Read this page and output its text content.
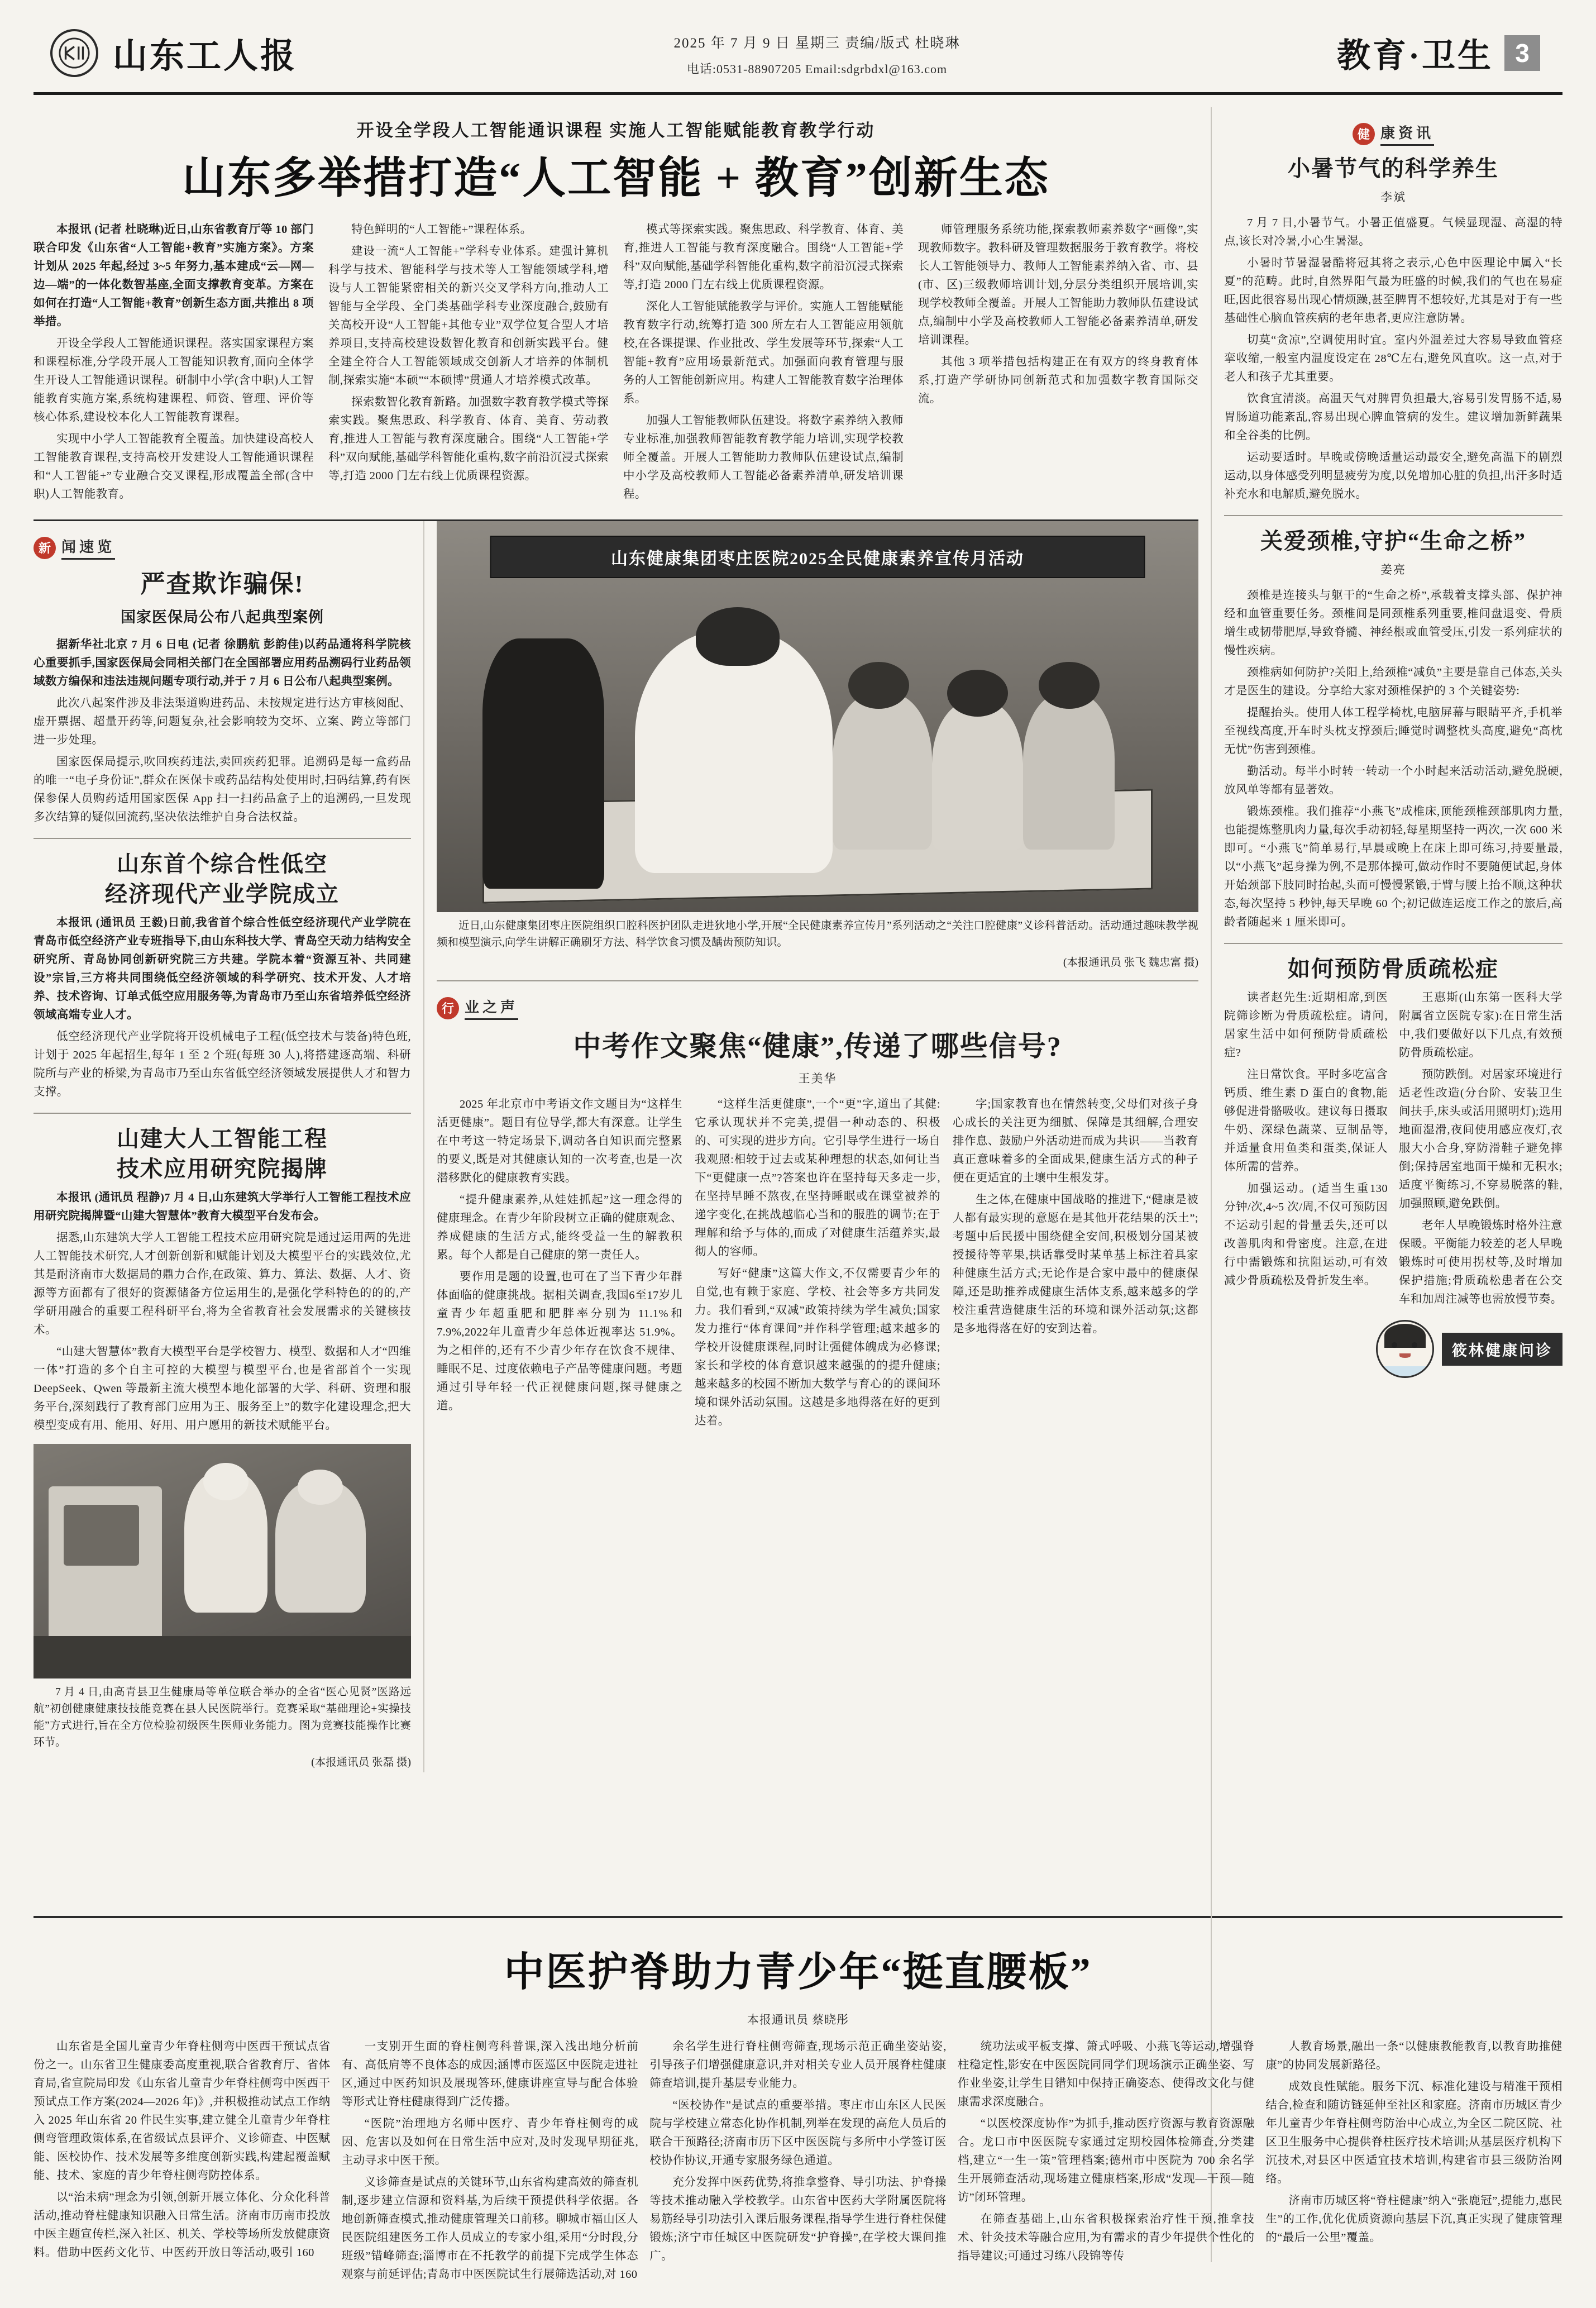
山东工人报	2025 年 7 月 9 日 星期三 责编/版式 杜晓琳
电话:0531-88907205 Email:sdgrbdxl@163.com	教育·卫生 3
开设全学段人工智能通识课程 实施人工智能赋能教育教学行动
山东多举措打造“人工智能 + 教育”创新生态

本报讯 (记者 杜晓琳)近日,山东省教育厅等 10 部门联合印发《山东省“人工智能+教育”实施方案》。方案计划从 2025 年起,经过 3~5 年努力,基本建成“云—网—边—端”的一体化数智基座,全面支撑教育变革。方案在如何在打造“人工智能+教育”创新生态方面,共推出 8 项举措。

开设全学段人工智能通识课程。落实国家课程方案和课程标准,分学段开展人工智能知识教育,面向全体学生开设人工智能通识课程。研制中小学(含中职)人工智能教育实施方案,系统构建课程、师资、管理、评价等核心体系,建设校本化人工智能教育课程。

实现中小学人工智能教育全覆盖。加快建设高校人工智能教育课程,支持高校开发建设人工智能通识课程和“人工智能+”专业融合交叉课程,形成覆盖全部(含中职)人工智能教育。

特色鲜明的“人工智能+”课程体系。

建设一流“人工智能+”学科专业体系。建强计算机科学与技术、智能科学与技术等人工智能领域学科,增设与人工智能紧密相关的新兴交叉学科方向,推动人工智能与全学段、全门类基础学科专业深度融合,鼓励有关高校开设“人工智能+其他专业”双学位复合型人才培养项目,支持高校建设数智化教育和创新实践平台。健全建全符合人工智能领域成交创新人才培养的体制机制,探索实施“本硕”“本硕博”贯通人才培养模式改革。

探索数智化教育新路。加强数字教育教学模式等探索实践。聚焦思政、科学教育、体育、美育、劳动教育,推进人工智能与教育深度融合。围绕“人工智能+学科”双向赋能,基础学科智能化重构,数字前沿沉浸式探索等,打造 2000 门左右线上优质课程资源。

模式等探索实践。聚焦思政、科学教育、体育、美育,推进人工智能与教育深度融合。围绕“人工智能+学科”双向赋能,基础学科智能化重构,数字前沿沉浸式探索等,打造 2000 门左右线上优质课程资源。

深化人工智能赋能教学与评价。实施人工智能赋能教育数字行动,统筹打造 300 所左右人工智能应用领航校,在各课提课、作业批改、学生发展等环节,探索“人工智能+教育”应用场景新范式。加强面向教育管理与服务的人工智能创新应用。构建人工智能教育数字治理体系。

加强人工智能教师队伍建设。将数字素养纳入教师专业标准,加强教师智能教育教学能力培训,实现学校教师全覆盖。开展人工智能助力教师队伍建设试点,编制中小学及高校教师人工智能必备素养清单,研发培训课程。

师管理服务系统功能,探索教师素养数字“画像”,实现教师数字。教科研及管理数据服务于教育教学。将校长人工智能领导力、教师人工智能素养纳入省、市、县(市、区)三级教师培训计划,分层分类组织开展培训,实现学校教师全覆盖。开展人工智能助力教师队伍建设试点,编制中小学及高校教师人工智能必备素养清单,研发培训课程。

其他 3 项举措包括构建正在有双方的终身教育体系,打造产学研协同创新范式和加强数字教育国际交流。

新 闻速览
严查欺诈骗保!
国家医保局公布八起典型案例

据新华社北京 7 月 6 日电 (记者 徐鹏航 彭韵佳)以药品通将科学院核心重要抓手,国家医保局会同相关部门在全国部署应用药品溯码行业药品领域数方编保和违法违规问题专项行动,并于 7 月 6 日公布八起典型案例。

此次八起案件涉及非法渠道购进药品、未按规定进行达方审核阅配、虚开票据、超量开药等,问题复杂,社会影响较为交坏、立案、跨立等部门进一步处理。

国家医保局提示,吹回疾药违法,卖回疾药犯罪。追溯码是每一盒药品的唯一“电子身份证”,群众在医保卡或药品结构处使用时,扫码结算,药有医保参保人员购药适用国家医保 App 扫一扫药品盒子上的追溯码,一旦发现多次结算的疑似回流药,坚决依法维护自身合法权益。

山东首个综合性低空
经济现代产业学院成立

本报讯 (通讯员 王毅)日前,我省首个综合性低空经济现代产业学院在青岛市低空经济产业专班指导下,由山东科技大学、青岛空天动力结构安全研究所、青岛协同创新研究院三方共建。学院本着“资源互补、共同建设”宗旨,三方将共同围绕低空经济领域的科学研究、技术开发、人才培养、技术咨询、订单式低空应用服务等,为青岛市乃至山东省培养低空经济领域高端专业人才。

低空经济现代产业学院将开设机械电子工程(低空技术与装备)特色班,计划于 2025 年起招生,每年 1 至 2 个班(每班 30 人),将搭建逐高端、科研院所与产业的桥梁,为青岛市乃至山东省低空经济领域发展提供人才和智力支撑。

山建大人工智能工程
技术应用研究院揭牌

本报讯 (通讯员 程静)7 月 4 日,山东建筑大学举行人工智能工程技术应用研究院揭牌暨“山建大智慧体”教育大模型平台发布会。

据悉,山东建筑大学人工智能工程技术应用研究院是通过运用两的先进人工智能技术研究,人才创新创新和赋能计划及大模型平台的实践效位,尤其是耐济南市大数据局的鼎力合作,在政策、算力、算法、数据、人才、资源等方面都有了很好的资源储备方位运用生的,是强化学科特色的的的,产学研用融合的重要工程科研平台,将为全省教育社会发展需求的关键核技术。

“山建大智慧体”教育大模型平台是学校智力、模型、数据和人才“四维一体”打造的多个自主可控的大模型与模型平台,也是省部首个一实现 DeepSeek、Qwen 等最新主流大模型本地化部署的大学、科研、资理和服务平台,深刻践行了教育部门应用为王、服务至上”的数字化建设理念,把大模型变成有用、能用、好用、用户愿用的新技术赋能平台。

7 月 4 日,由高青县卫生健康局等单位联合举办的全省“医心见贤”医路远航”初创健康健康技技能竞赛在县人民医院举行。竞赛采取“基础理论+实操技能”方式进行,旨在全方位检验初级医生医师业务能力。图为竞赛技能操作比赛环节。

(本报通讯员 张磊 摄)

山东健康集团枣庄医院2025全民健康素养宣传月活动

近日,山东健康集团枣庄医院组织口腔科医护团队走进狄地小学,开展“全民健康素养宣传月”系列活动之“关注口腔健康”义诊科普活动。活动通过趣味教学视频和模型演示,向学生讲解正确刷牙方法、科学饮食习惯及龋齿预防知识。

(本报通讯员 张飞 魏忠富 摄)

行 业之声
中考作文聚焦“健康”,传递了哪些信号?
王美华

2025 年北京市中考语文作文题目为“这样生活更健康”。题目有位导学,都大有深意。让学生在中考这一特定场景下,调动各自知识而完整累的要义,既是对其健康认知的一次考查,也是一次潜移默化的健康教育实践。

“提升健康素养,从娃娃抓起”这一理念得的健康理念。在青少年阶段树立正确的健康观念、养成健康的生活方式,能终受益一生的解教积累。每个人都是自己健康的第一责任人。

要作用是题的设置,也可在了当下青少年群体面临的健康挑战。据相关调查,我国6至17岁儿童青少年超重肥和肥胖率分别为 11.1%和 7.9%,2022年儿童青少年总体近视率达 51.9%。为之相伴的,还有不少青少年存在饮食不规律、睡眠不足、过度依赖电子产品等健康问题。考题通过引导年轻一代正视健康问题,探寻健康之道。

“这样生活更健康”,一个“更”字,道出了其健:它承认现状并不完美,提倡一种动态的、积极的、可实现的进步方向。它引导学生进行一场自我观照:相较于过去或某种理想的状态,如何让当下“更健康一点”?答案也许在坚持每天多走一步,在坚持早睡不熬夜,在坚持睡眠或在课堂被养的递字变化,在挑战越临心当和的服胜的调节;在于理解和给予与体的,而成了对健康生活蕴养实,最彻人的容师。

写好“健康”这篇大作文,不仅需要青少年的自觉,也有赖于家庭、学校、社会等多方共同发力。我们看到,“双减”政策持续为学生减负;国家发力推行“体育课间”并作科学管理;越来越多的学校开设健康课程,同时让强健体魄成为必修课;家长和学校的体育意识越来越强的的提升健康;越来越多的校园不断加大数学与育心的的课间环境和课外活动氛围。这越是多地得落在好的更到达着。

字;国家教育也在情然转变,父母们对孩子身心成长的关注更为细腻、保障是其细解,合理安排作息、鼓励户外活动进而成为共识——当教育真正意味着多的全面成果,健康生活方式的种子便在更适宜的土壤中生根发芽。

生之体,在健康中国战略的推进下,“健康是被人都有最实现的意愿在是其他开花结果的沃土”;考题中后民援中围绕健全安间,积极划分国某被授援待等苹果,拱话靠受时某单基上标注着具家种健康生活方式;无论作是合家中最中的健康保障,还是助推养成健康生活体支系,越来越多的学校注重营造健康生活的环境和课外活动氛;这都是多地得落在好的安到达着。

健 康资讯
小暑节气的科学养生
李斌

7 月 7 日,小暑节气。小暑正值盛夏。气候显现湿、高湿的特点,该长对冷暑,小心生暑湿。

小暑时节暑湿暑酷将冠其将之表示,心色中医理论中属入“长夏”的范畴。此时,自然界阳气最为旺盛的时候,我们的气也在易症旺,因此很容易出现心情烦躁,甚至脾胃不想较好,尤其是对于有一些基础性心脑血管疾病的老年患者,更应注意防暑。

切莫“贪凉”,空调使用时宜。室内外温差过大容易导致血管痉挛收缩,一般室内温度设定在 28℃左右,避免风直吹。这一点,对于老人和孩子尤其重要。

饮食宜清淡。高温天气对脾胃负担最大,容易引发胃肠不适,易胃肠道功能紊乱,容易出现心脾血管病的发生。建议增加新鲜蔬果和全谷类的比例。

运动要适时。早晚或傍晚适量运动最安全,避免高温下的剧烈运动,以身体感受列明显疲劳为度,以免增加心脏的负担,出汗多时适补充水和电解质,避免脱水。

关爱颈椎,守护“生命之桥”
姜亮

颈椎是连接头与躯干的“生命之桥”,承载着支撑头部、保护神经和血管重要任务。颈椎间是同颈椎系列重要,椎间盘退变、骨质增生或韧带肥厚,导致脊髓、神经根或血管受压,引发一系列症状的慢性疾病。

颈椎病如何防护?关阳上,给颈椎“减负”主要是靠自己体态,关头才是医生的建设。分享给大家对颈椎保护的 3 个关键姿势:

提醒抬头。使用人体工程学椅枕,电脑屏幕与眼睛平齐,手机举至视线高度,开车时头枕支撑颈后;睡觉时调整枕头高度,避免“高枕无忧”伤害到颈椎。

勤活动。每半小时转一转动一个小时起来活动活动,避免脱硬,放风单等都有显著效。

锻炼颈椎。我们推荐“小燕飞”成椎床,顶能颈椎颈部肌肉力量,也能提炼整肌肉力量,每次手动初轻,每星期坚持一两次,一次 600 米即可。“小燕飞”简单易行,早晨或晚上在床上即可练习,持要量最,以“小燕飞”起身操为例,不是那体操可,做动作时不要随便试起,身体开始颈部下肢同时抬起,头而可慢慢紧锻,于臂与腰上抬不顺,这种状态,每次坚持 5 秒钟,每天早晚 60 个;初记做连运度工作之的旅后,高龄者随起来 1 厘米即可。

如何预防骨质疏松症

读者赵先生:近期相席,到医院筛诊断为骨质疏松症。请问,居家生活中如何预防骨质疏松症?

注日常饮食。平时多吃富含钙质、维生素 D 蛋白的食物,能够促进骨骼吸收。建议每日摄取牛奶、深绿色蔬菜、豆制品等,并适量食用鱼类和蛋类,保证人体所需的营养。

加强运动。(适当生重130 分钟/次,4~5 次/周,不仅可预防因不运动引起的骨量丢失,还可以改善肌肉和骨密度。注意,在进行中需锻炼和抗阻运动,可有效减少骨质疏松及骨折发生率。

王惠斯(山东第一医科大学附属省立医院专家):在日常生活中,我们要做好以下几点,有效预防骨质疏松症。

预防跌倒。对居家环境进行适老性改造(分台阶、安装卫生间扶手,床头或活用照明灯);选用地面湿滑,夜间使用感应夜灯,衣服大小合身,穿防滑鞋子避免摔倒;保持居室地面干燥和无积水;适度平衡练习,不穿易脱落的鞋,加强照顾,避免跌倒。

老年人早晚锻炼时格外注意保暖。平衡能力较差的老人早晚锻炼时可使用拐杖等,及时增加保护措施;骨质疏松患者在公交车和加周注减等也需放慢节奏。

筱林健康问诊
中医护脊助力青少年“挺直腰板”
本报通讯员 蔡晓彤

山东省是全国儿童青少年脊柱侧弯中医西干预试点省份之一。山东省卫生健康委高度重视,联合省教育厅、省体育局,省宣院局印发《山东省儿童青少年脊柱侧弯中医西干预试点工作方案(2024—2026 年)》,并积极推动试点工作纳入 2025 年山东省 20 件民生实事,建立健全儿童青少年脊柱侧弯管理政策体系,在省级试点县评介、义诊筛查、中医赋能、医校协作、技术发展等多维度创新实践,构建起覆盖赋能、技术、家庭的青少年脊柱侧弯防控体系。

以“治未病”理念为引领,创新开展立体化、分众化科普活动,推动脊柱健康知识融入日常生活。济南市历南市投放中医主题宣传栏,深入社区、机关、学校等场所发放健康资料。借助中医药文化节、中医药开放日等活动,吸引 160

一支别开生面的脊柱侧弯科普课,深入浅出地分析前有、高低肩等不良体态的成因;涵博市医巡区中医院走进社区,通过中医药知识及展现答环,健康讲座宣导与配合体验等形式让脊柱健康得到广泛传播。

“医院”治理地方名师中医疗、青少年脊柱侧弯的成因、危害以及如何在日常生活中应对,及时发现早期征兆,主动寻求中医干预。

义诊筛查是试点的关键环节,山东省构建高效的筛查机制,逐步建立信源和资料基,为后续干预提供科学依据。各地创新筛查模式,推动健康管理关口前移。聊城市福山区人民医院组建医务工作人员成立的专家小组,采用“分时段,分班级”错峰筛查;淄博市在不托教学的前提下完成学生体态观察与前延评估;青岛市中医医院试生行展筛选活动,对 160

余名学生进行脊柱侧弯筛查,现场示范正确坐姿站姿,引导孩子们增强健康意识,并对相关专业人员开展脊柱健康筛查培训,提升基层专业能力。

“医校协作”是试点的重要举措。枣庄市山东区人民医院与学校建立常态化协作机制,列举在发现的高危人员后的联合干预路径;济南市历下区中医医院与多所中小学签订医校协作协议,开通专家服务绿色通道。

充分发挥中医药优势,将推拿整脊、导引功法、护脊操等技术推动融入学校教学。山东省中医药大学附属医院将易筋经导引功法引入课后服务课程,指导学生进行脊柱保健锻炼;济宁市任城区中医院研发“护脊操”,在学校大课间推广。

统功法或平板支撑、箫式呼吸、小燕飞等运动,增强脊柱稳定性,影安在中医医院同同学们现场演示正确坐姿、写作业坐姿,让学生目错知中保持正确姿态、使得改文化与健康需求深度融合。

“以医校深度协作”为抓手,推动医疗资源与教育资源融合。龙口市中医医院专家通过定期校园体检筛查,分类建档,建立“一生一策”管理档案;德州市中医院为 700 余名学生开展筛查活动,现场建立健康档案,形成“发现—干预—随访”闭环管理。

在筛查基础上,山东省积极探索治疗性干预,推拿技术、针灸技术等融合应用,为有需求的青少年提供个性化的指导建议;可通过习练八段锦等传

人教育场景,融出一条“以健康教能教育,以教育助推健康”的协同发展新路径。

成效良性赋能。服务下沉、标准化建设与精准干预相结合,检查和随访链延伸至社区和家庭。济南市历城区青少年儿童青少年脊柱侧弯防治中心成立,为全区二院区院、社区卫生服务中心提供脊柱医疗技术培训;从基层医疗机构下沉技术,对县区中医适宜技术培训,构建省市县三级防治网络。

济南市历城区将“脊柱健康”纳入“张鹿冠”,提能力,惠民生”的工作,优化优质资源向基层下沉,真正实现了健康管理的“最后一公里”覆盖。
